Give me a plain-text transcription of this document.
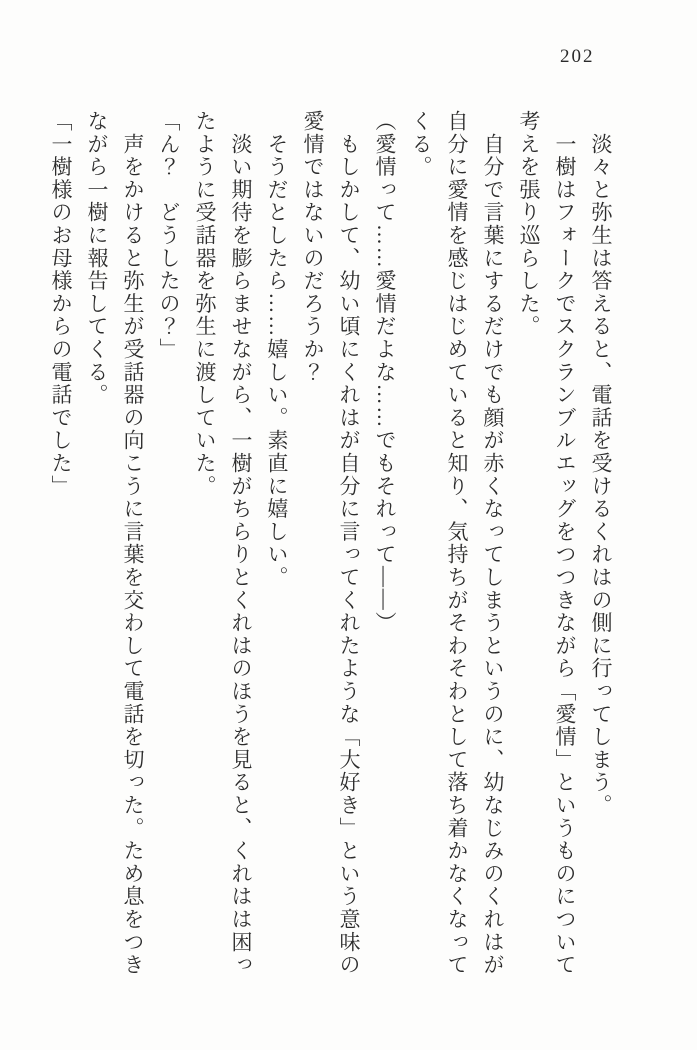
202
　淡々と弥生は答えると、電話を受けるくれはの側に行ってしまう。
　一樹はフォークでスクランブルエッグをつつきながら「愛情」というものについて
考えを張り巡らした。
　自分で言葉にするだけでも顔が赤くなってしまうというのに、幼なじみのくれはが
自分に愛情を感じはじめていると知り、気持ちがそわそわとして落ち着かなくなって
くる。
（愛情って……愛情だよな……でもそれって――）
　もしかして、幼い頃にくれはが自分に言ってくれたような「大好き」という意味の
愛情ではないのだろうか？
　そうだとしたら……嬉しい。素直に嬉しい。
　淡い期待を膨らませながら、一樹がちらりとくれはのほうを見ると、くれはは困っ
たように受話器を弥生に渡していた。
「ん？　どうしたの？」
　声をかけると弥生が受話器の向こうに言葉を交わして電話を切った。ため息をつき
ながら一樹に報告してくる。
「一樹様のお母様からの電話でした」
